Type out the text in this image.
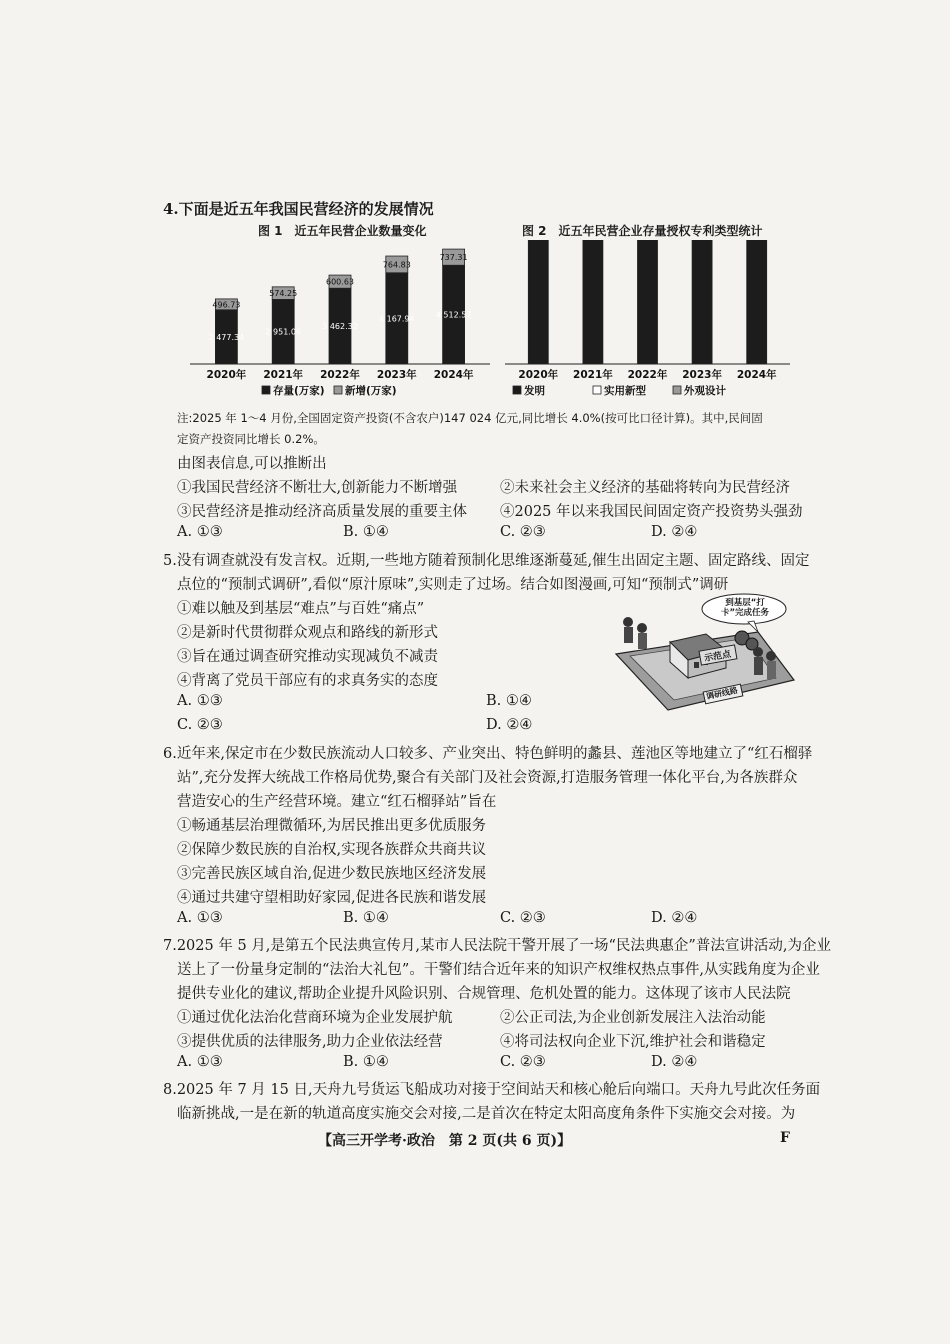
4.下面是近五年我国民营经济的发展情况
图 1　近五年民营企业数量变化	图 2　近五年民营企业存量授权专利类型统计
2 477.34
496.73
2020年
2 951.06
574.25
2021年
3 462.32
600.63
2022年
4 167.94
764.83
2023年
4 512.57
737.31
2024年
存量(万家) 新增(万家)
2020年 2021年 2022年 2023年 2024年
发明	实用新型	外观设计
注:2025 年 1～4 月份,全国固定资产投资(不含农户)147 024 亿元,同比增长 4.0%(按可比口径计算)。其中,民间固
定资产投资同比增长 0.2%。
由图表信息,可以推断出
①我国民营经济不断壮大,创新能力不断增强	②未来社会主义经济的基础将转向为民营经济
③民营经济是推动经济高质量发展的重要主体 ④2025 年以来我国民间固定资产投资势头强劲
A. ①③	B. ①④	C. ②③	D. ②④
5.没有调查就没有发言权。近期,一些地方随着预制化思维逐渐蔓延,催生出固定主题、固定路线、固定
点位的“预制式调研”,看似“原汁原味”,实则走了过场。结合如图漫画,可知“预制式”调研
①难以触及到基层“难点”与百姓“痛点”
②是新时代贯彻群众观点和路线的新形式
③旨在通过调查研究推动实现减负不减责
④背离了党员干部应有的求真务实的态度
A. ①③	B. ①④
C. ②③	D. ②④
到基层“打卡”完成任务
示范点
调研线路
6.近年来,保定市在少数民族流动人口较多、产业突出、特色鲜明的蠡县、莲池区等地建立了“红石榴驿
站”,充分发挥大统战工作格局优势,聚合有关部门及社会资源,打造服务管理一体化平台,为各族群众
营造安心的生产经营环境。建立“红石榴驿站”旨在
①畅通基层治理微循环,为居民推出更多优质服务
②保障少数民族的自治权,实现各族群众共商共议
③完善民族区域自治,促进少数民族地区经济发展
④通过共建守望相助好家园,促进各民族和谐发展
A. ①③	B. ①④	C. ②③	D. ②④
7.2025 年 5 月,是第五个民法典宣传月,某市人民法院干警开展了一场“民法典惠企”普法宣讲活动,为企业
送上了一份量身定制的“法治大礼包”。干警们结合近年来的知识产权维权热点事件,从实践角度为企业
提供专业化的建议,帮助企业提升风险识别、合规管理、危机处置的能力。这体现了该市人民法院
①通过优化法治化营商环境为企业发展护航	②公正司法,为企业创新发展注入法治动能
③提供优质的法律服务,助力企业依法经营	④将司法权向企业下沉,维护社会和谐稳定
A. ①③	B. ①④	C. ②③	D. ②④
8.2025 年 7 月 15 日,天舟九号货运飞船成功对接于空间站天和核心舱后向端口。天舟九号此次任务面
临新挑战,一是在新的轨道高度实施交会对接,二是首次在特定太阳高度角条件下实施交会对接。为
【高三开学考·政治　第 2 页(共 6 页)】	F
